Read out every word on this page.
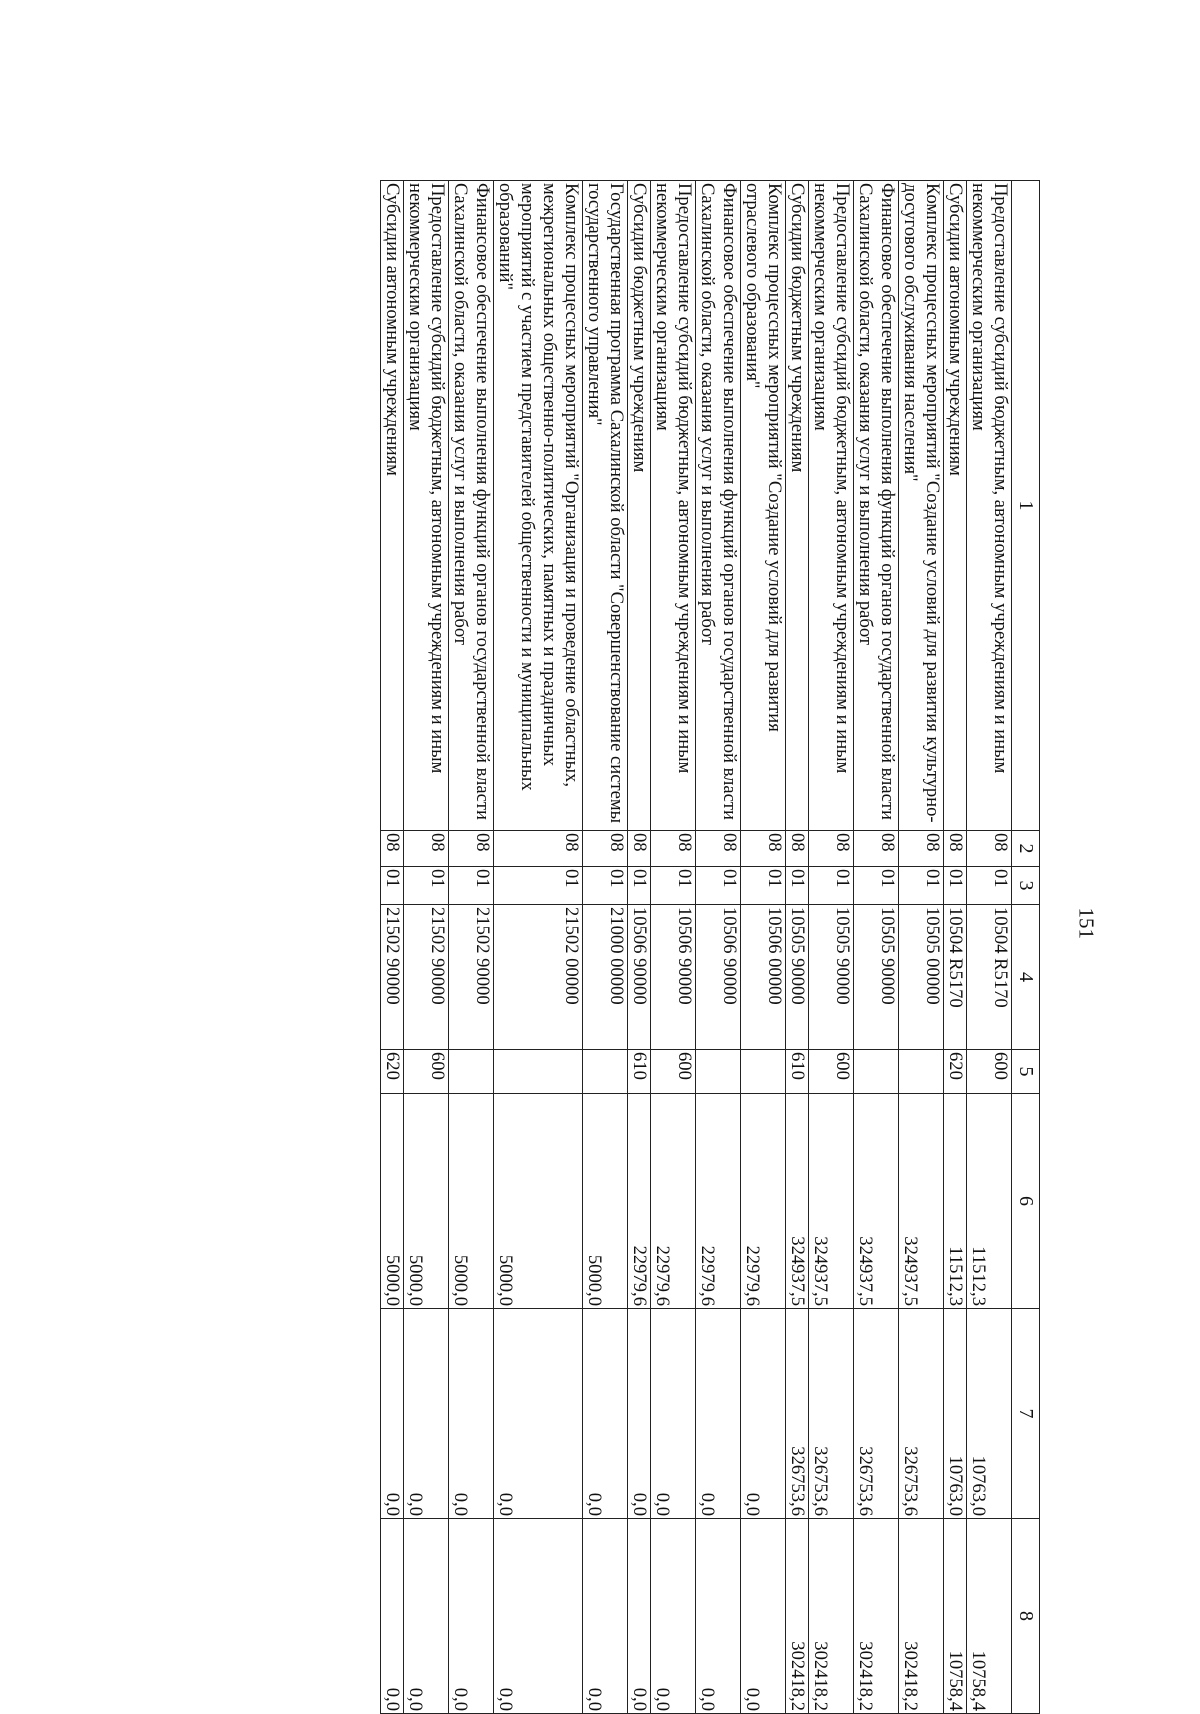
151
1	2	3	4	5	6	7	8
Предоставление субсидий бюджетным, автономным учреждениям и иным некоммерческим организациям	08	01	10504 R5170	600	11512,3	10763,0	10758,4
Субсидии автономным учреждениям	08	01	10504 R5170	620	11512,3	10763,0	10758,4
Комплекс процессных мероприятий "Создание условий для развития культурно-досугового обслуживания населения"	08	01	10505 00000		324937,5	326753,6	302418,2
Финансовое обеспечение выполнения функций органов государственной власти Сахалинской области, оказания услуг и выполнения работ	08	01	10505 90000		324937,5	326753,6	302418,2
Предоставление субсидий бюджетным, автономным учреждениям и иным некоммерческим организациям	08	01	10505 90000	600	324937,5	326753,6	302418,2
Субсидии бюджетным учреждениям	08	01	10505 90000	610	324937,5	326753,6	302418,2
Комплекс процессных мероприятий "Создание условий для развития отраслевого образования"	08	01	10506 00000		22979,6	0,0	0,0
Финансовое обеспечение выполнения функций органов государственной власти Сахалинской области, оказания услуг и выполнения работ	08	01	10506 90000		22979,6	0,0	0,0
Предоставление субсидий бюджетным, автономным учреждениям и иным некоммерческим организациям	08	01	10506 90000	600	22979,6	0,0	0,0
Субсидии бюджетным учреждениям	08	01	10506 90000	610	22979,6	0,0	0,0
Государственная программа Сахалинской области "Совершенствование системы государственного управления"	08	01	21000 00000		5000,0	0,0	0,0
Комплекс процессных мероприятий "Организация и проведение областных, межрегиональных общественно-политических, памятных и праздничных мероприятий с участием представителей общественности и муниципальных образований"	08	01	21502 00000		5000,0	0,0	0,0
Финансовое обеспечение выполнения функций органов государственной власти Сахалинской области, оказания услуг и выполнения работ	08	01	21502 90000		5000,0	0,0	0,0
Предоставление субсидий бюджетным, автономным учреждениям и иным некоммерческим организациям	08	01	21502 90000	600	5000,0	0,0	0,0
Субсидии автономным учреждениям	08	01	21502 90000	620	5000,0	0,0	0,0
